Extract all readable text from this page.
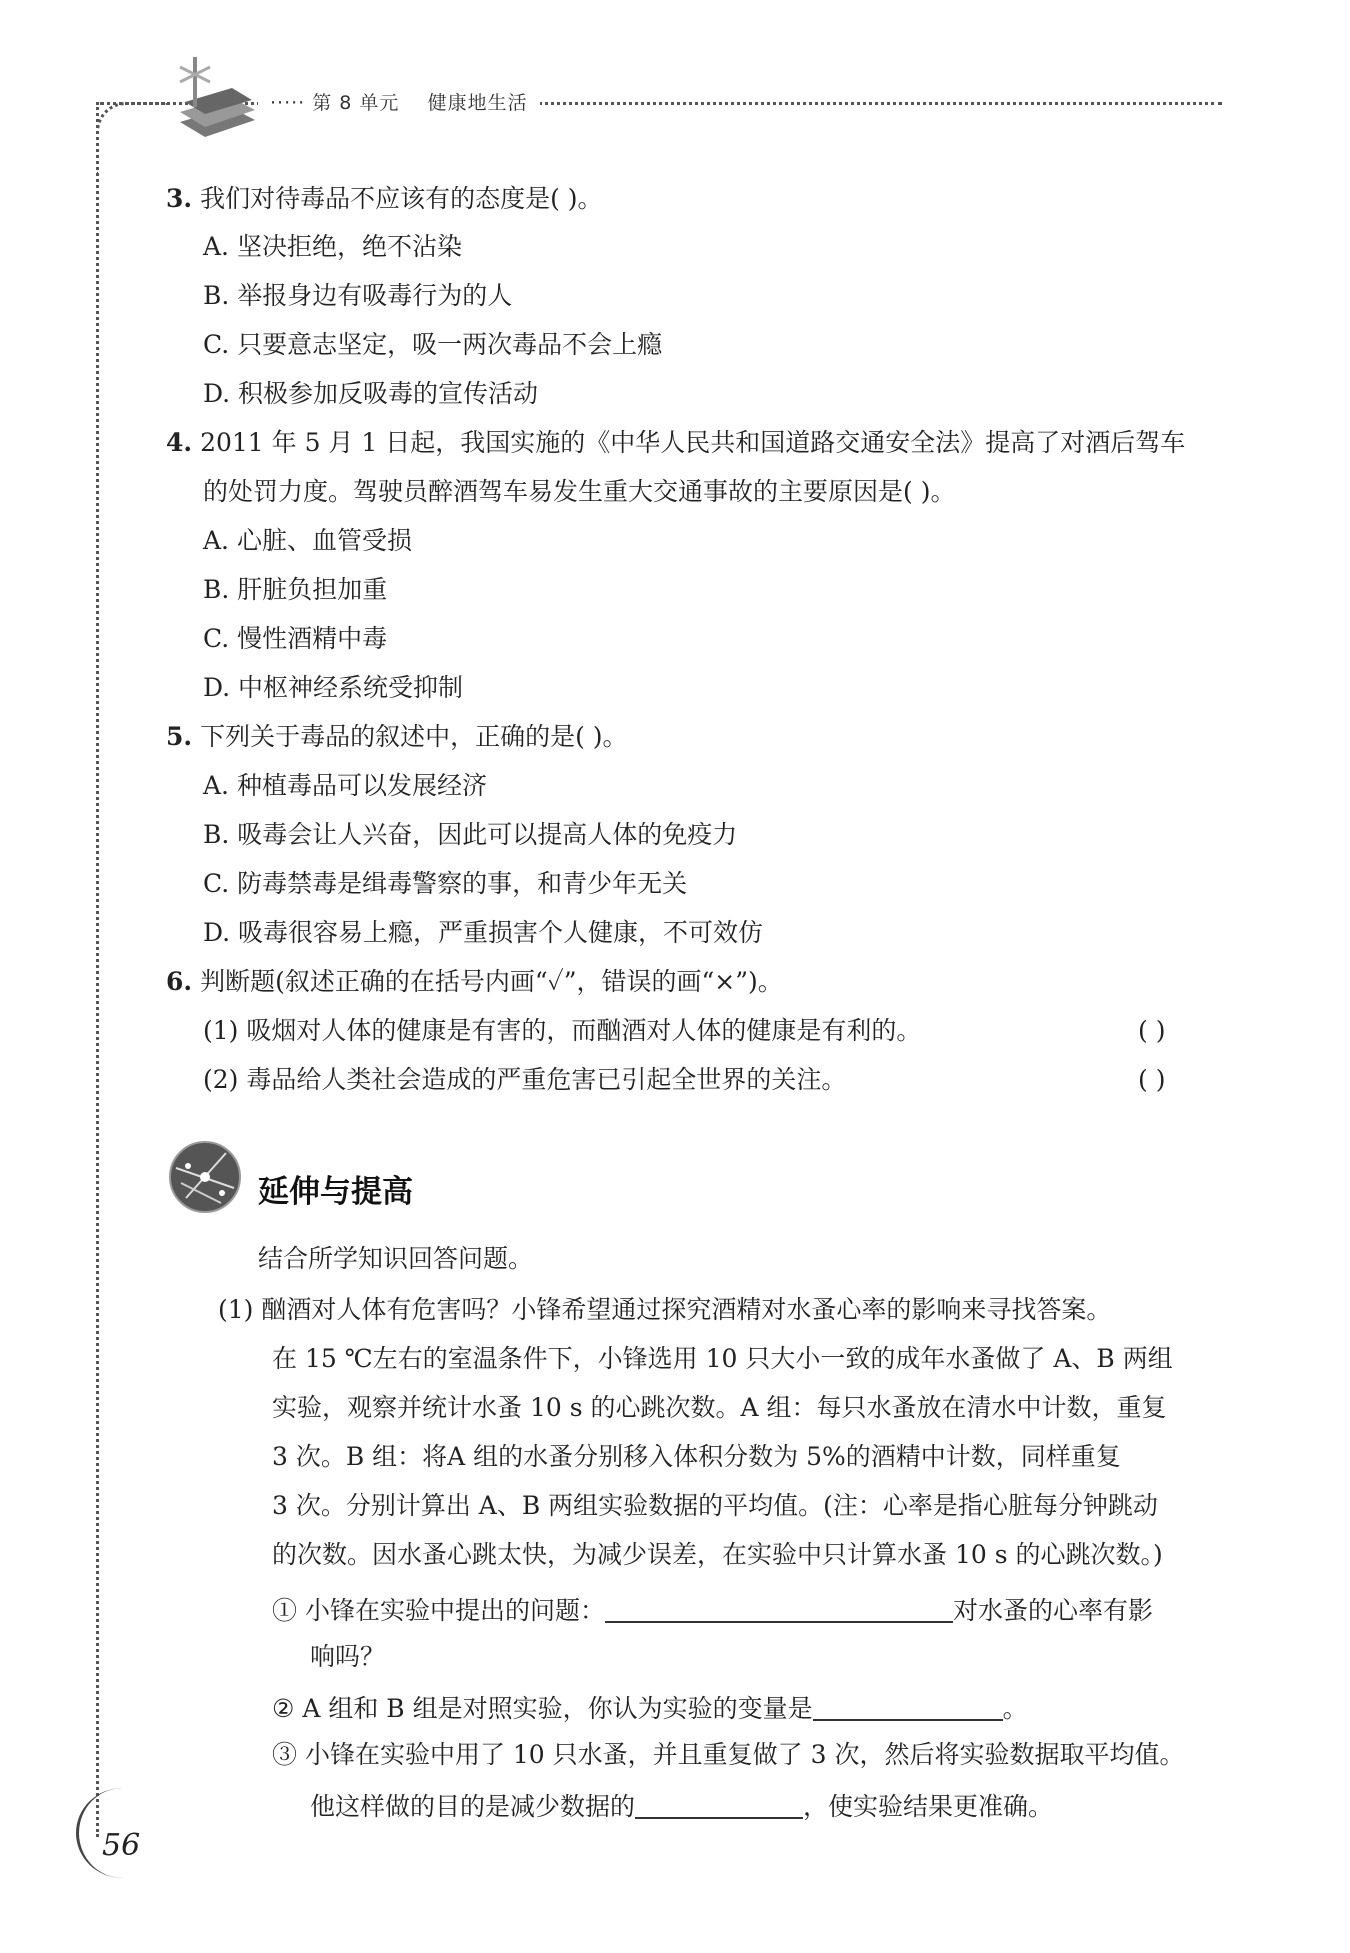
····· 第 8 单元 健康地生活
3. 我们对待毒品不应该有的态度是( )。
A. 坚决拒绝，绝不沾染
B. 举报身边有吸毒行为的人
C. 只要意志坚定，吸一两次毒品不会上瘾
D. 积极参加反吸毒的宣传活动
4. 2011 年 5 月 1 日起，我国实施的《中华人民共和国道路交通安全法》提高了对酒后驾车
的处罚力度。驾驶员醉酒驾车易发生重大交通事故的主要原因是( )。
A. 心脏、血管受损
B. 肝脏负担加重
C. 慢性酒精中毒
D. 中枢神经系统受抑制
5. 下列关于毒品的叙述中，正确的是( )。
A. 种植毒品可以发展经济
B. 吸毒会让人兴奋，因此可以提高人体的免疫力
C. 防毒禁毒是缉毒警察的事，和青少年无关
D. 吸毒很容易上瘾，严重损害个人健康，不可效仿
6. 判断题(叙述正确的在括号内画“✓”，错误的画“×”)。
(1) 吸烟对人体的健康是有害的，而酗酒对人体的健康是有利的。	( )
(2) 毒品给人类社会造成的严重危害已引起全世界的关注。	( )
延伸与提高
结合所学知识回答问题。
(1) 酗酒对人体有危害吗？小锋希望通过探究酒精对水蚤心率的影响来寻找答案。
在 15 ℃左右的室温条件下，小锋选用 10 只大小一致的成年水蚤做了 A、B 两组
实验，观察并统计水蚤 10 s 的心跳次数。A 组：每只水蚤放在清水中计数，重复
3 次。B 组：将A 组的水蚤分别移入体积分数为 5%的酒精中计数，同样重复
3 次。分别计算出 A、B 两组实验数据的平均值。(注：心率是指心脏每分钟跳动
的次数。因水蚤心跳太快，为减少误差，在实验中只计算水蚤 10 s 的心跳次数。)
① 小锋在实验中提出的问题：	对水蚤的心率有影
响吗？
② A 组和 B 组是对照实验，你认为实验的变量是	。
③ 小锋在实验中用了 10 只水蚤，并且重复做了 3 次，然后将实验数据取平均值。
他这样做的目的是减少数据的	，使实验结果更准确。
56
